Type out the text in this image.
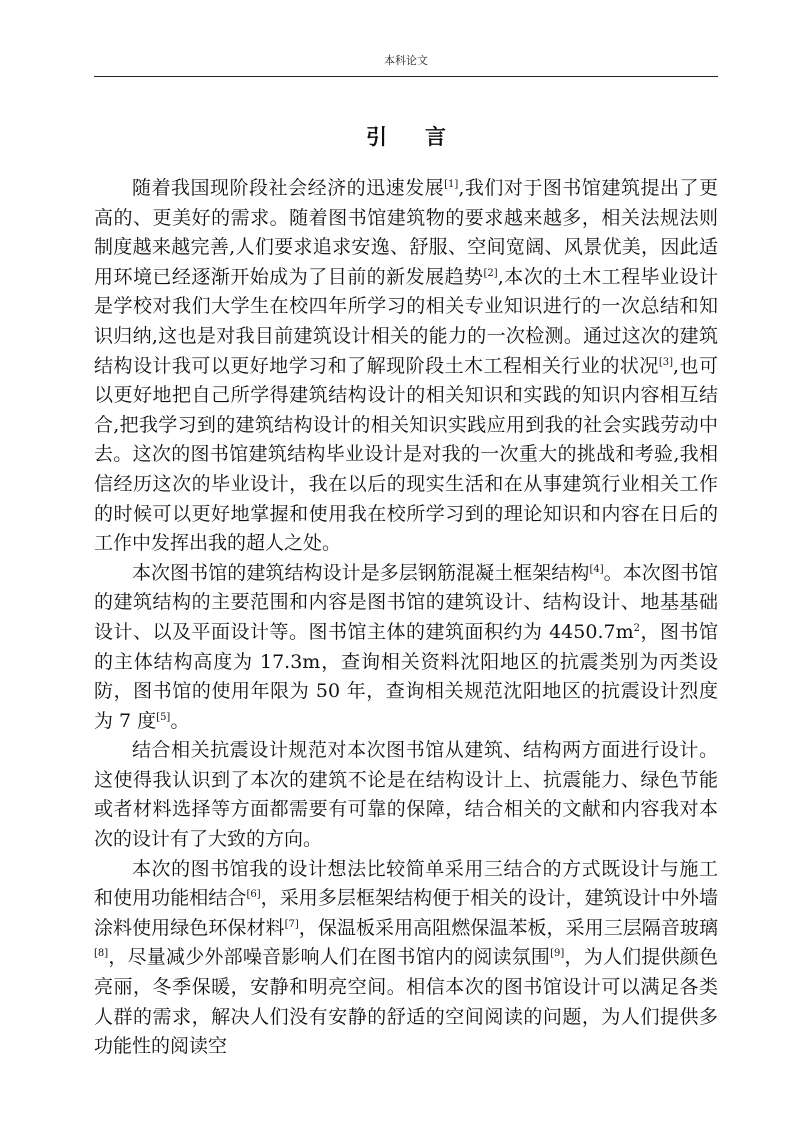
本科论文
引言

随着我国现阶段社会经济的迅速发展[1],我们对于图书馆建筑提出了更高的、更美好的需求。随着图书馆建筑物的要求越来越多，相关法规法则制度越来越完善,人们要求追求安逸、舒服、空间宽阔、风景优美，因此适用环境已经逐渐开始成为了目前的新发展趋势[2],本次的土木工程毕业设计是学校对我们大学生在校四年所学习的相关专业知识进行的一次总结和知识归纳,这也是对我目前建筑设计相关的能力的一次检测。通过这次的建筑结构设计我可以更好地学习和了解现阶段土木工程相关行业的状况[3],也可以更好地把自己所学得建筑结构设计的相关知识和实践的知识内容相互结合,把我学习到的建筑结构设计的相关知识实践应用到我的社会实践劳动中去。这次的图书馆建筑结构毕业设计是对我的一次重大的挑战和考验,我相信经历这次的毕业设计，我在以后的现实生活和在从事建筑行业相关工作的时候可以更好地掌握和使用我在校所学习到的理论知识和内容在日后的工作中发挥出我的超人之处。

本次图书馆的建筑结构设计是多层钢筋混凝土框架结构[4]。本次图书馆的建筑结构的主要范围和内容是图书馆的建筑设计、结构设计、地基基础设计、以及平面设计等。图书馆主体的建筑面积约为 $4450.7m^2$，图书馆的主体结构高度为 17.3m，查询相关资料沈阳地区的抗震类别为丙类设防，图书馆的使用年限为 50 年，查询相关规范沈阳地区的抗震设计烈度为 7 度[5]。

结合相关抗震设计规范对本次图书馆从建筑、结构两方面进行设计。这使得我认识到了本次的建筑不论是在结构设计上、抗震能力、绿色节能或者材料选择等方面都需要有可靠的保障，结合相关的文献和内容我对本次的设计有了大致的方向。

本次的图书馆我的设计想法比较简单采用三结合的方式既设计与施工和使用功能相结合[6]，采用多层框架结构便于相关的设计，建筑设计中外墙涂料使用绿色环保材料[7]，保温板采用高阻燃保温苯板，采用三层隔音玻璃[8]，尽量减少外部噪音影响人们在图书馆内的阅读氛围[9]，为人们提供颜色亮丽，冬季保暖，安静和明亮空间。相信本次的图书馆设计可以满足各类人群的需求，解决人们没有安静的舒适的空间阅读的问题，为人们提供多功能性的阅读空
